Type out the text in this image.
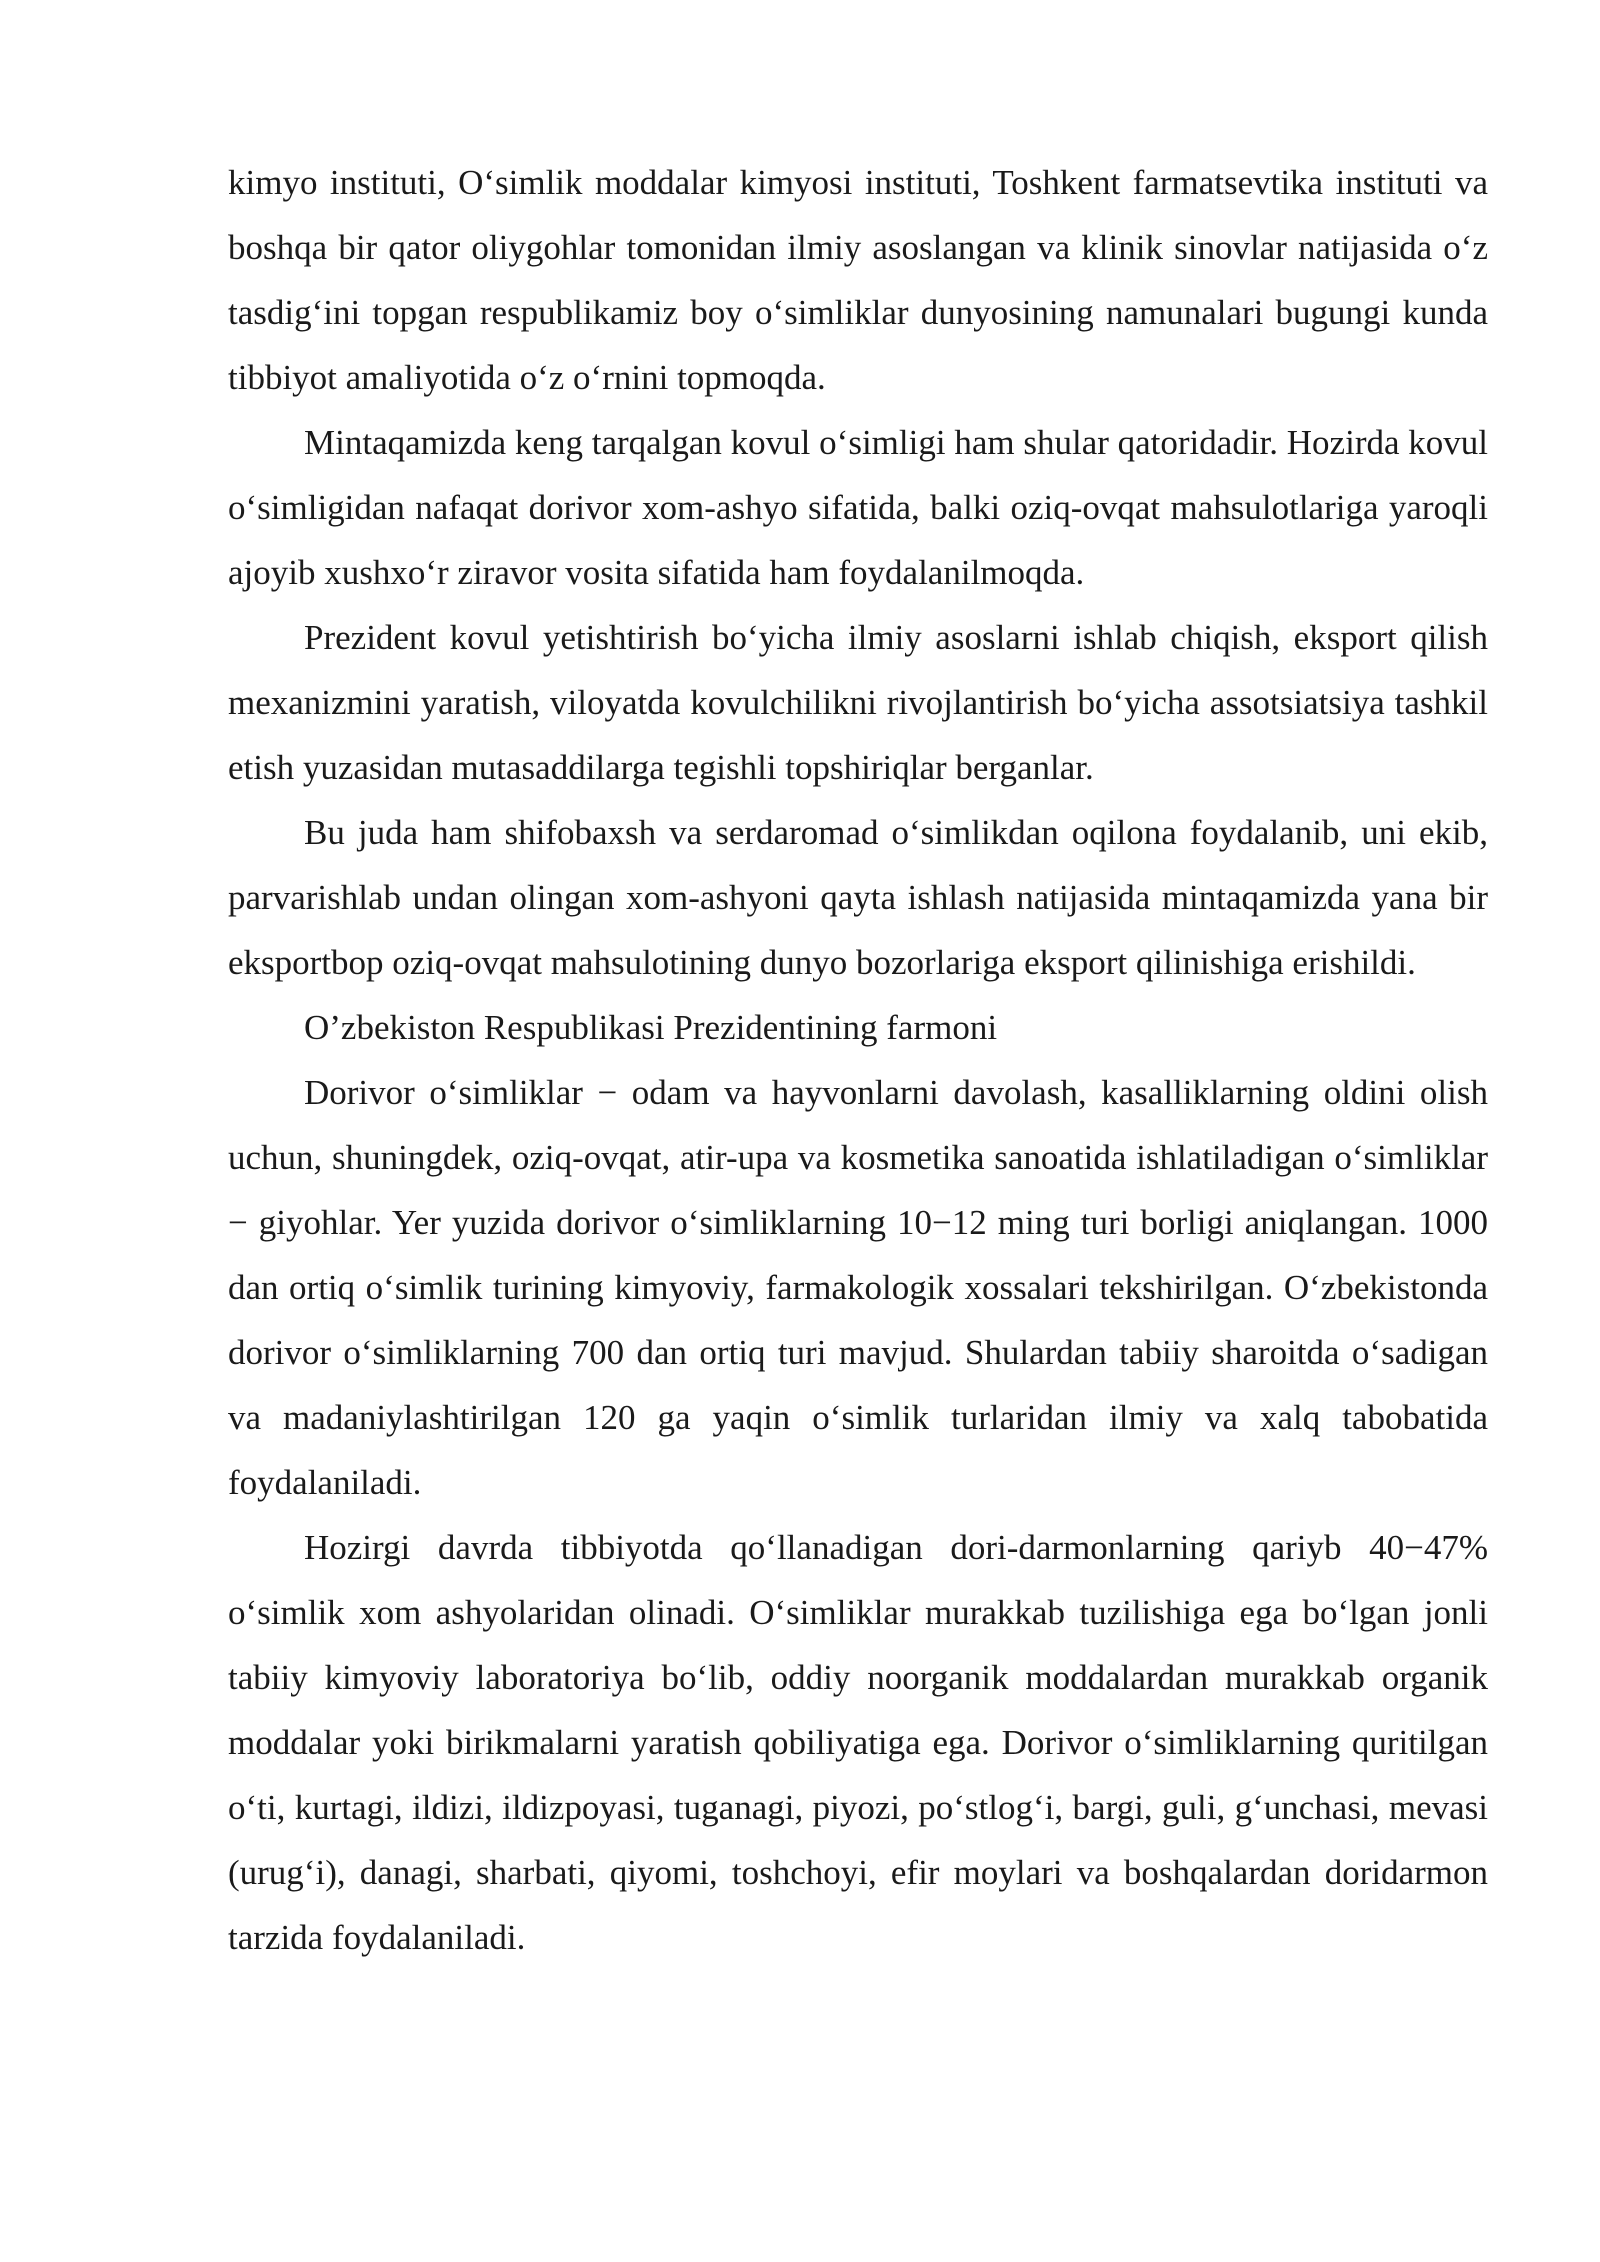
kimyo instituti, O‘simlik moddalar kimyosi instituti, Toshkent farmatsevtika instituti va boshqa bir qator oliygohlar tomonidan ilmiy asoslangan va klinik sinovlar natijasida o‘z tasdig‘ini topgan respublikamiz boy o‘simliklar dunyosining namunalari bugungi kunda tibbiyot amaliyotida o‘z o‘rnini topmoqda.

Mintaqamizda keng tarqalgan kovul o‘simligi ham shular qatoridadir. Hozirda kovul o‘simligidan nafaqat dorivor xom-ashyo sifatida, balki oziq-ovqat mahsulotlariga yaroqli ajoyib xushxo‘r ziravor vosita sifatida ham foydalanilmoqda.

Prezident kovul yetishtirish bo‘yicha ilmiy asoslarni ishlab chiqish, eksport qilish mexanizmini yaratish, viloyatda kovulchilikni rivojlantirish bo‘yicha assotsiatsiya tashkil etish yuzasidan mutasaddilarga tegishli topshiriqlar berganlar.

Bu juda ham shifobaxsh va serdaromad o‘simlikdan oqilona foydalanib, uni ekib, parvarishlab undan olingan xom-ashyoni qayta ishlash natijasida mintaqamizda yana bir eksportbop oziq-ovqat mahsulotining dunyo bozorlariga eksport qilinishiga erishildi.

O’zbekiston Respublikasi Prezidentining farmoni

Dorivor o‘simliklar − odam va hayvonlarni davolash, kasalliklarning oldini olish uchun, shuningdek, oziq-ovqat, atir-upa va kosmetika sanoatida ishlatiladigan o‘simliklar − giyohlar. Yer yuzida dorivor o‘simliklarning 10−12 ming turi borligi aniqlangan. 1000 dan ortiq o‘simlik turining kimyoviy, farmakologik xossalari tekshirilgan. O‘zbekistonda dorivor o‘simliklarning 700 dan ortiq turi mavjud. Shulardan tabiiy sharoitda o‘sadigan va madaniylashtirilgan 120 ga yaqin o‘simlik turlaridan ilmiy va xalq tabobatida foydalaniladi.

Hozirgi davrda tibbiyotda qo‘llanadigan dori-darmonlarning qariyb 40−47% o‘simlik xom ashyolaridan olinadi. O‘simliklar murakkab tuzilishiga ega bo‘lgan jonli tabiiy kimyoviy laboratoriya bo‘lib, oddiy noorganik moddalardan murakkab organik moddalar yoki birikmalarni yaratish qobiliyatiga ega. Dorivor o‘simliklarning quritilgan o‘ti, kurtagi, ildizi, ildizpoyasi, tuganagi, piyozi, po‘stlog‘i, bargi, guli, g‘unchasi, mevasi (urug‘i), danagi, sharbati, qiyomi, toshchoyi, efir moylari va boshqalardan doridarmon tarzida foydalaniladi.
